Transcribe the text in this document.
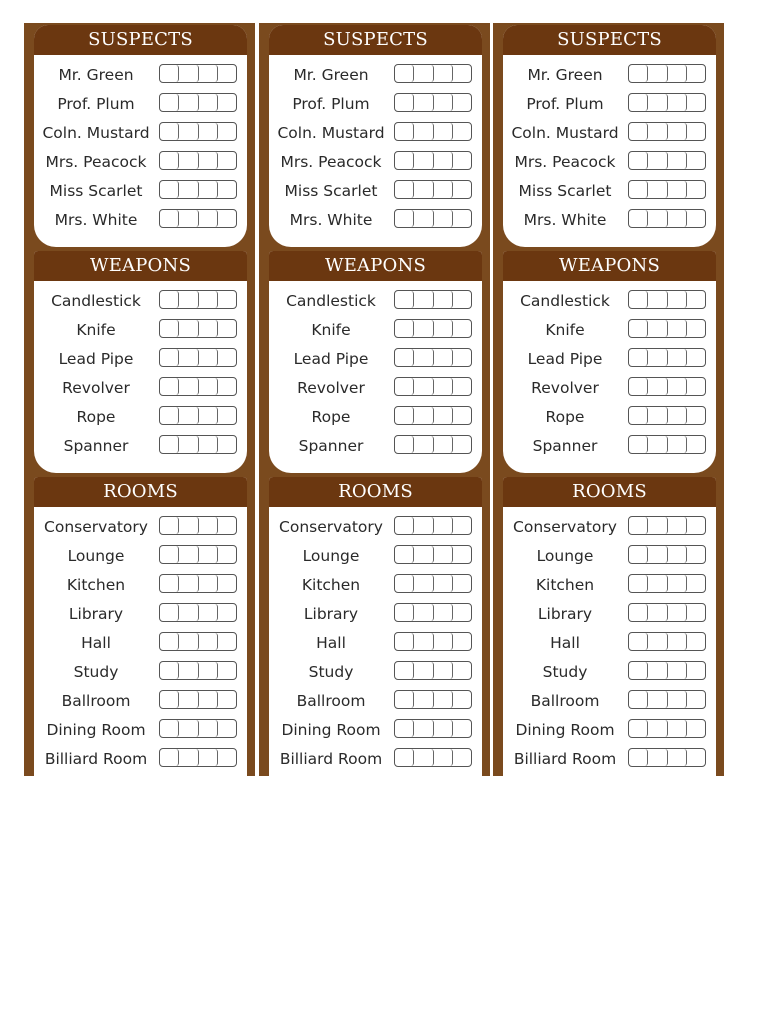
SUSPECTS
Mr. Green
Prof. Plum
Coln. Mustard
Mrs. Peacock
Miss Scarlet
Mrs. White
WEAPONS
Candlestick
Knife
Lead Pipe
Revolver
Rope
Spanner
ROOMS
Conservatory
Lounge
Kitchen
Library
Hall
Study
Ballroom
Dining Room
Billiard Room
SUSPECTS
Mr. Green
Prof. Plum
Coln. Mustard
Mrs. Peacock
Miss Scarlet
Mrs. White
WEAPONS
Candlestick
Knife
Lead Pipe
Revolver
Rope
Spanner
ROOMS
Conservatory
Lounge
Kitchen
Library
Hall
Study
Ballroom
Dining Room
Billiard Room
SUSPECTS
Mr. Green
Prof. Plum
Coln. Mustard
Mrs. Peacock
Miss Scarlet
Mrs. White
WEAPONS
Candlestick
Knife
Lead Pipe
Revolver
Rope
Spanner
ROOMS
Conservatory
Lounge
Kitchen
Library
Hall
Study
Ballroom
Dining Room
Billiard Room
